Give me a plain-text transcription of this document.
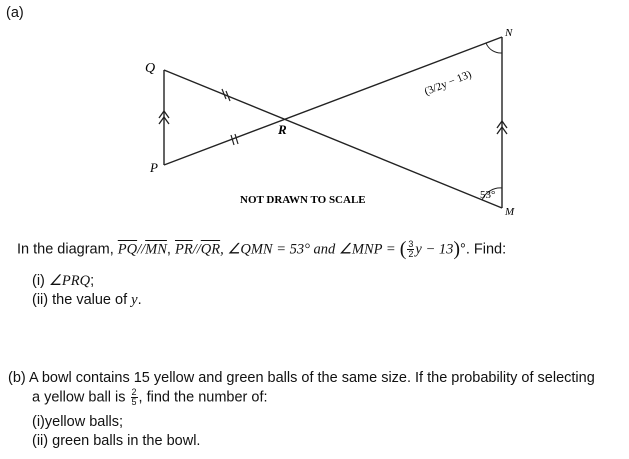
(a)
Q
P
R
N
M
53°
(3/2y − 13)
NOT DRAWN TO SCALE
In the diagram, $\overline{PQ}//\overline{MN}$, $\overline{PR}//\overline{QR}$, ∠QMN = 53° and ∠MNP = ( $\frac{3}{2}$ y − 13)°. Find:
(i) ∠PRQ;
(ii) the value of y.
(b) A bowl contains 15 yellow and green balls of the same size. If the probability of selecting
a yellow ball is $\frac{2}{5}$ , find the number of:
(i)yellow balls;
(ii) green balls in the bowl.
